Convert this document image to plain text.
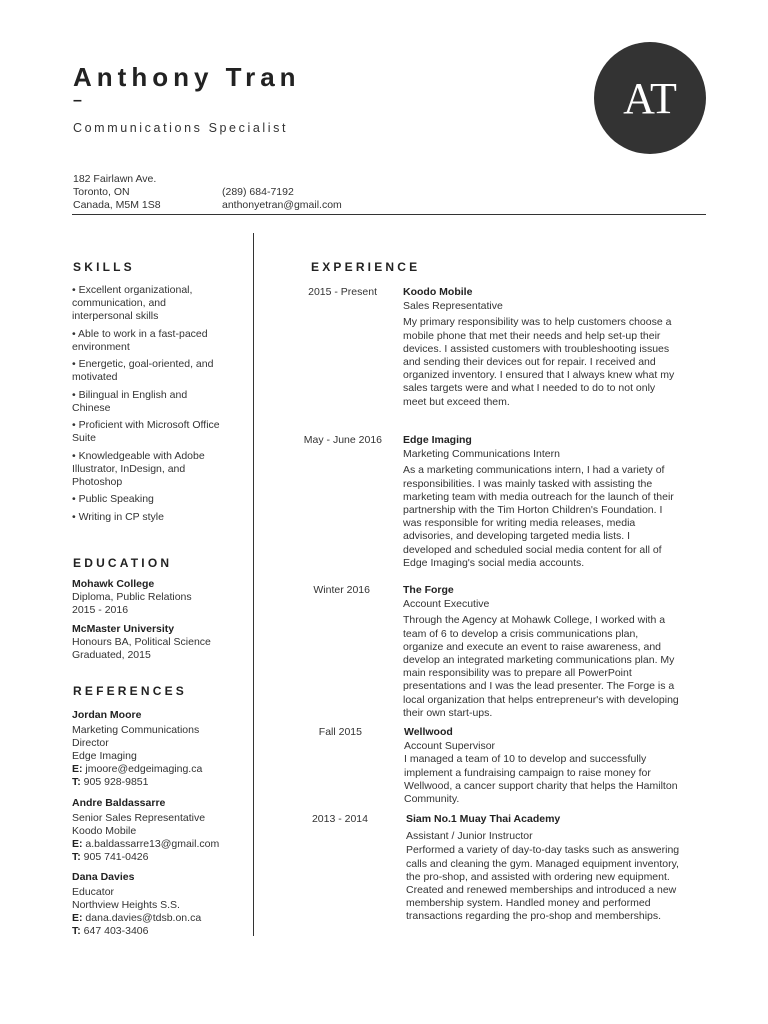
Anthony Tran
–
Communications Specialist
AT
182 Fairlawn Ave.
Toronto, ON
Canada, M5M 1S8
(289) 684-7192
anthonyetran@gmail.com
SKILLS
• Excellent organizational, communication, and interpersonal skills
• Able to work in a fast-paced environment
• Energetic, goal-oriented, and motivated
• Bilingual in English and Chinese
• Proficient with Microsoft Office Suite
• Knowledgeable with Adobe Illustrator, InDesign, and Photoshop
• Public Speaking
• Writing in CP style
EDUCATION
Mohawk College
Diploma, Public Relations
2015 - 2016
McMaster University
Honours BA, Political Science
Graduated, 2015
REFERENCES
Jordan Moore
Marketing Communications Director
Edge Imaging
E: jmoore@edgeimaging.ca
T: 905 928-9851
Andre Baldassarre
Senior Sales Representative
Koodo Mobile
E: a.baldassarre13@gmail.com
T: 905 741-0426
Dana Davies
Educator
Northview Heights S.S.
E: dana.davies@tdsb.on.ca
T: 647 403-3406
EXPERIENCE
2015 - Present Koodo Mobile
Sales Representative
My primary responsibility was to help customers choose a mobile phone that met their needs and help set-up their devices. I assisted customers with troubleshooting issues and sending their devices out for repair. I received and organized inventory. I ensured that I always knew what my sales targets were and what I needed to do to not only meet but exceed them.
May - June 2016 Edge Imaging
Marketing Communications Intern
As a marketing communications intern, I had a variety of responsibilities. I was mainly tasked with assisting the marketing team with media outreach for the launch of their partnership with the Tim Horton Children's Foundation. I was responsible for writing media releases, media advisories, and developing targeted media lists. I developed and scheduled social media content for all of Edge Imaging's social media accounts.
Winter 2016	The Forge
Account Executive
Through the Agency at Mohawk College, I worked with a team of 6 to develop a crisis communications plan, organize and execute an event to raise awareness, and develop an integrated marketing communications plan. My main responsibility was to prepare all PowerPoint presentations and I was the lead presenter. The Forge is a local organization that helps entrepreneur's with developing their own start-ups.
Fall 2015	Wellwood
Account Supervisor
I managed a team of 10 to develop and successfully implement a fundraising campaign to raise money for Wellwood, a cancer support charity that helps the Hamilton Community.
2013 - 2014	Siam No.1 Muay Thai Academy
Assistant / Junior Instructor
Performed a variety of day-to-day tasks such as answering calls and cleaning the gym. Managed equipment inventory, the pro-shop, and assisted with ordering new equipment. Created and renewed memberships and introduced a new membership system. Handled money and performed transactions regarding the pro-shop and memberships.
